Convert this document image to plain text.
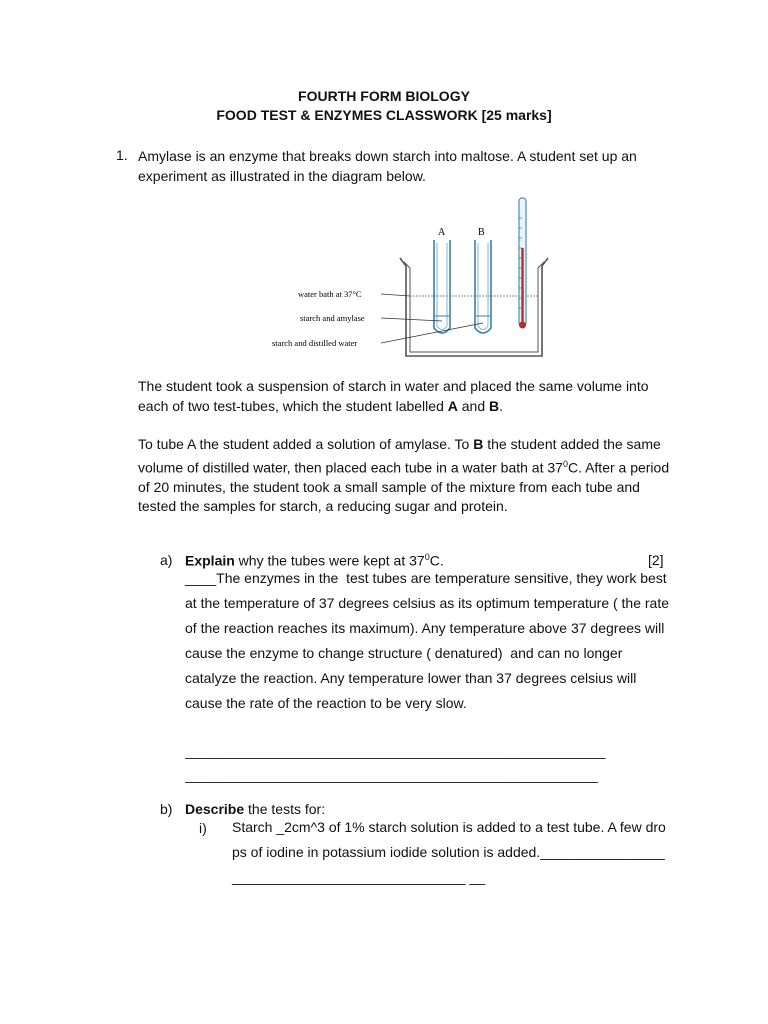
FOURTH FORM BIOLOGY
FOOD TEST & ENZYMES CLASSWORK [25 marks]
1. Amylase is an enzyme that breaks down starch into maltose. A student set up an experiment as illustrated in the diagram below.
A	B
water bath at 37°C
starch and amylase
starch and distilled water
The student took a suspension of starch in water and placed the same volume into each of two test-tubes, which the student labelled A and B.
To tube A the student added a solution of amylase. To B the student added the same volume of distilled water, then placed each tube in a water bath at $37^0C$. After a period of 20 minutes, the student took a small sample of the mixture from each tube and tested the samples for starch, a reducing sugar and protein.
a) Explain why the tubes were kept at $37^0C$.	[2]
____The enzymes in the  test tubes are temperature sensitive, they work best at the temperature of 37 degrees celsius as its optimum temperature ( the rate of the reaction reaches its maximum). Any temperature above 37 degrees will cause the enzyme to change structure ( denatured)  and can no longer catalyze the reaction. Any temperature lower than 37 degrees celsius will cause the rate of the reaction to be very slow.
______________________________________________________
_____________________________________________________
b) Describe the tests for:
i) Starch _2cm^3 of 1% starch solution is added to a test tube. A few drops of iodine in potassium iodide solution is added.______________________________________________ __
